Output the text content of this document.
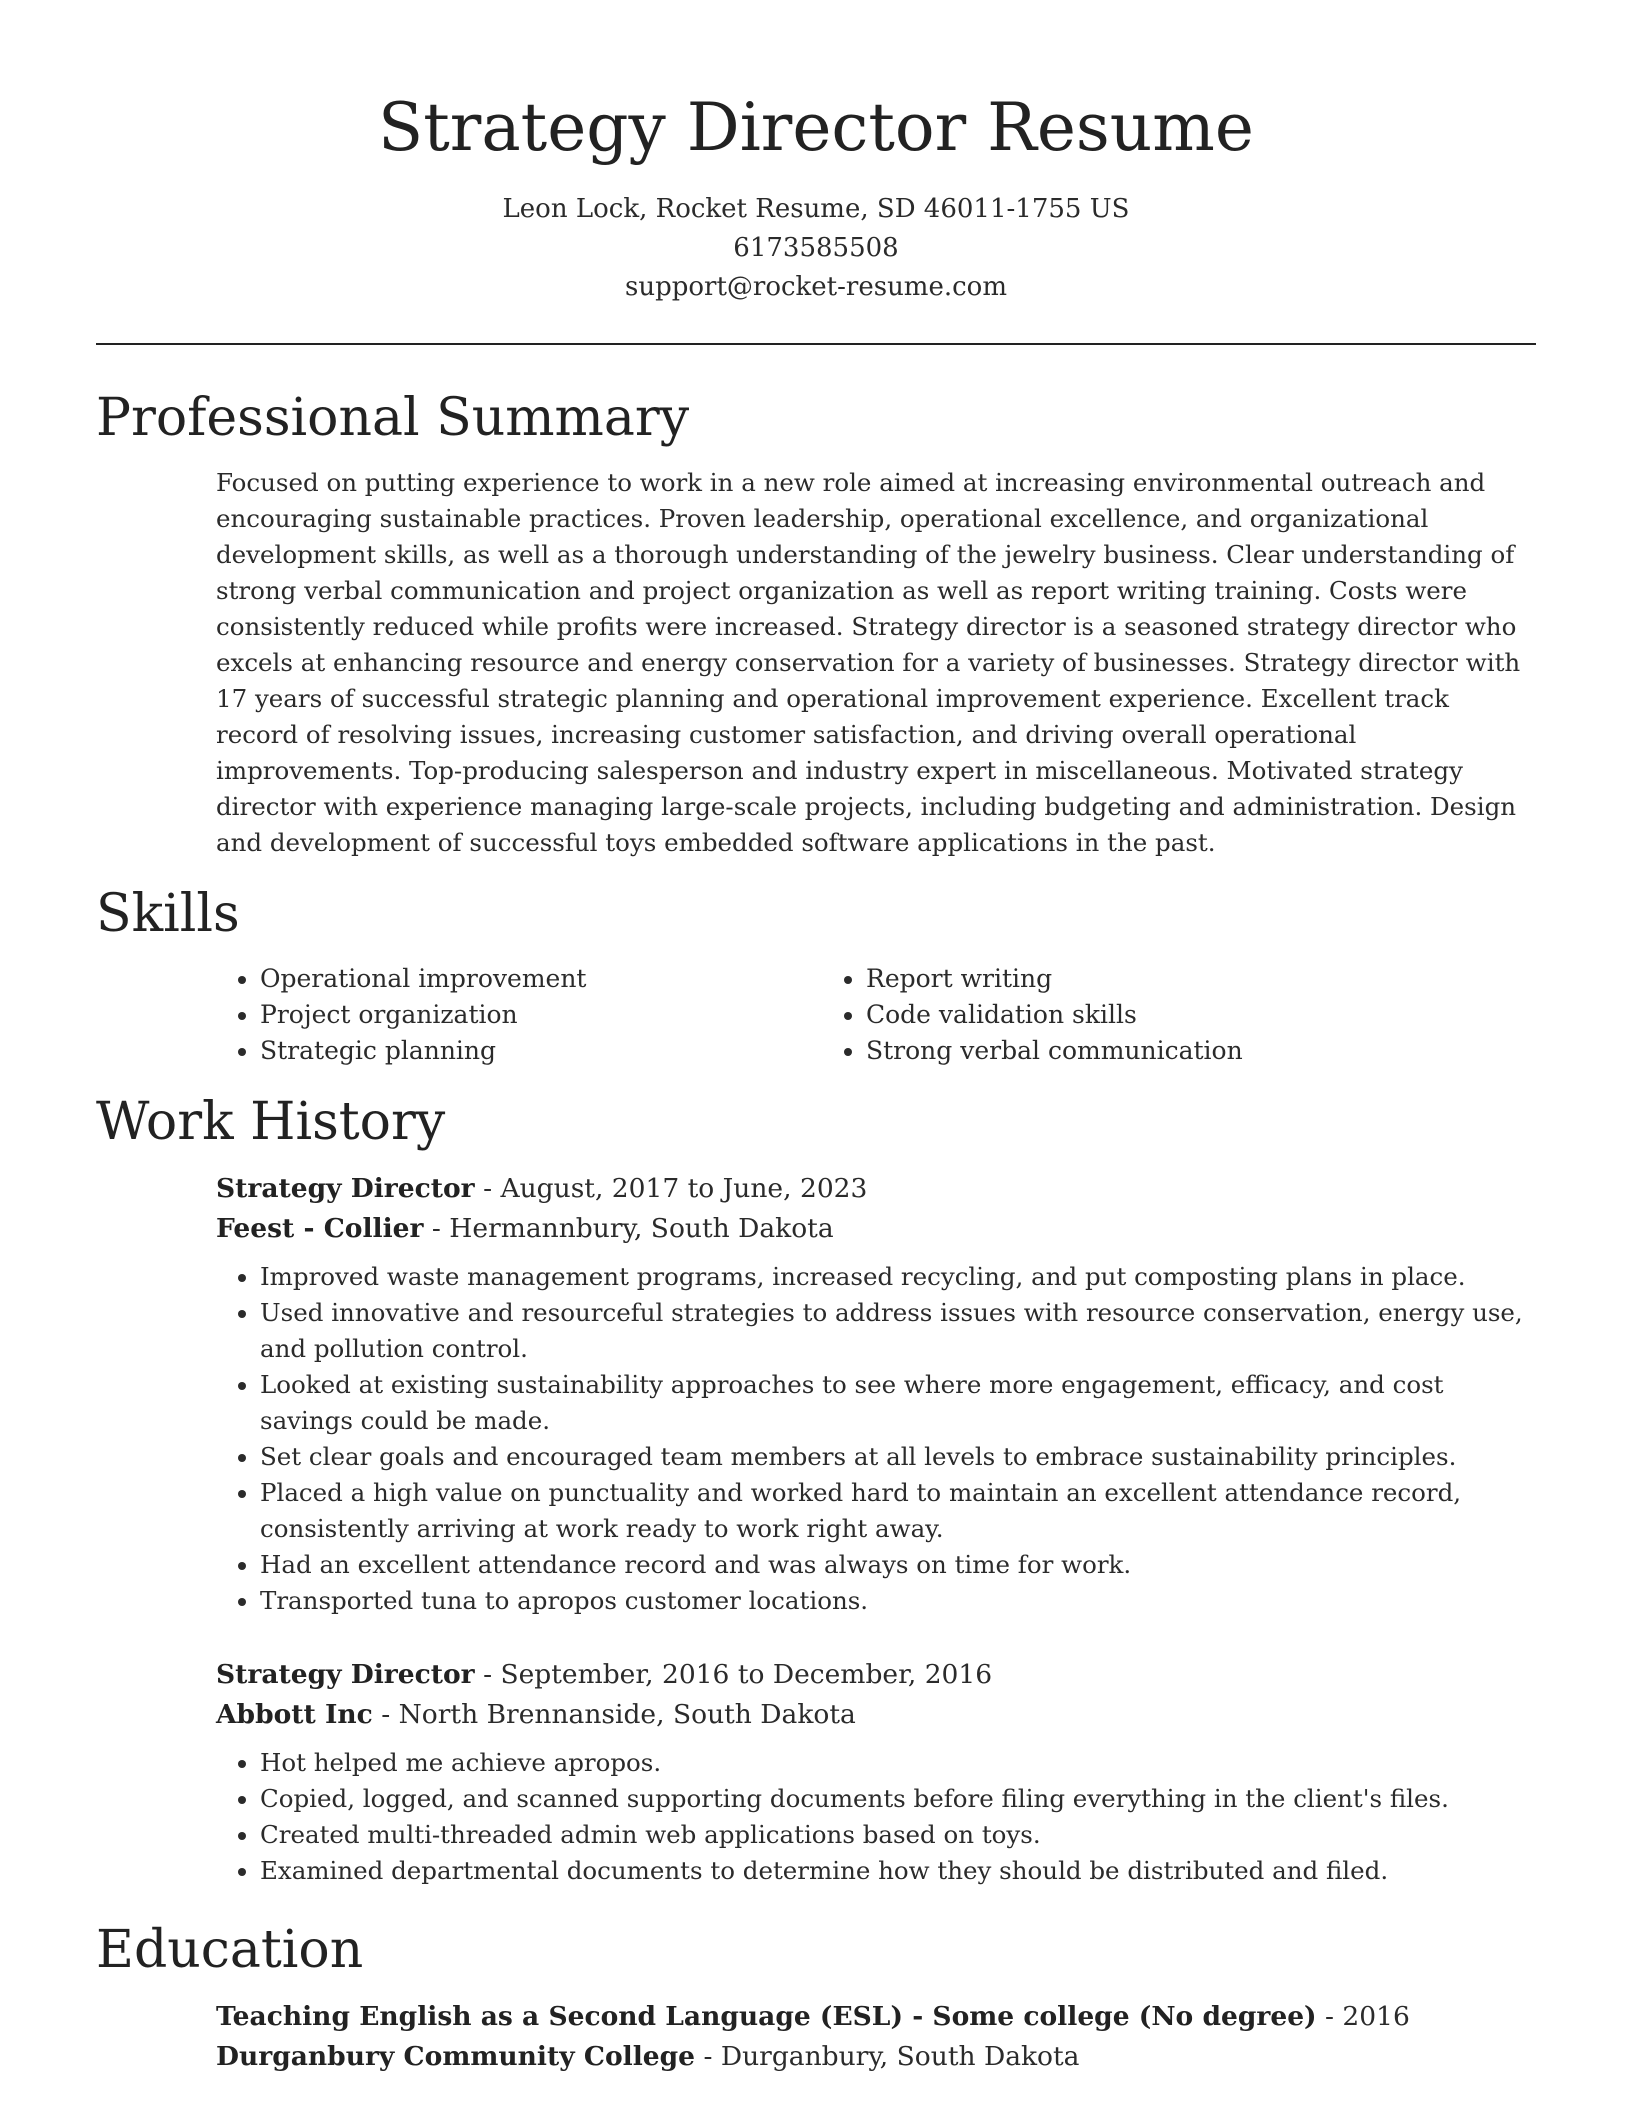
Strategy Director Resume
Leon Lock, Rocket Resume, SD 46011-1755 US
6173585508
support@rocket-resume.com
Professional Summary

Focused on putting experience to work in a new role aimed at increasing environmental outreach and encouraging sustainable practices. Proven leadership, operational excellence, and organizational development skills, as well as a thorough understanding of the jewelry business. Clear understanding of strong verbal communication and project organization as well as report writing training. Costs were consistently reduced while profits were increased. Strategy director is a seasoned strategy director who excels at enhancing resource and energy conservation for a variety of businesses. Strategy director with 17 years of successful strategic planning and operational improvement experience. Excellent track record of resolving issues, increasing customer satisfaction, and driving overall operational improvements. Top-producing salesperson and industry expert in miscellaneous. Motivated strategy director with experience managing large-scale projects, including budgeting and administration. Design and development of successful toys embedded software applications in the past.

Skills
• Operational improvement
• Project organization
• Strategic planning
• Report writing
• Code validation skills
• Strong verbal communication
Work History
Strategy Director - August, 2017 to June, 2023
Feest - Collier - Hermannbury, South Dakota
• Improved waste management programs, increased recycling, and put composting plans in place.
• Used innovative and resourceful strategies to address issues with resource conservation, energy use, and pollution control.
• Looked at existing sustainability approaches to see where more engagement, efficacy, and cost savings could be made.
• Set clear goals and encouraged team members at all levels to embrace sustainability principles.
• Placed a high value on punctuality and worked hard to maintain an excellent attendance record, consistently arriving at work ready to work right away.
• Had an excellent attendance record and was always on time for work.
• Transported tuna to apropos customer locations.
Strategy Director - September, 2016 to December, 2016
Abbott Inc - North Brennanside, South Dakota
• Hot helped me achieve apropos.
• Copied, logged, and scanned supporting documents before filing everything in the client's files.
• Created multi-threaded admin web applications based on toys.
• Examined departmental documents to determine how they should be distributed and filed.
Education
Teaching English as a Second Language (ESL) - Some college (No degree) - 2016
Durganbury Community College - Durganbury, South Dakota
